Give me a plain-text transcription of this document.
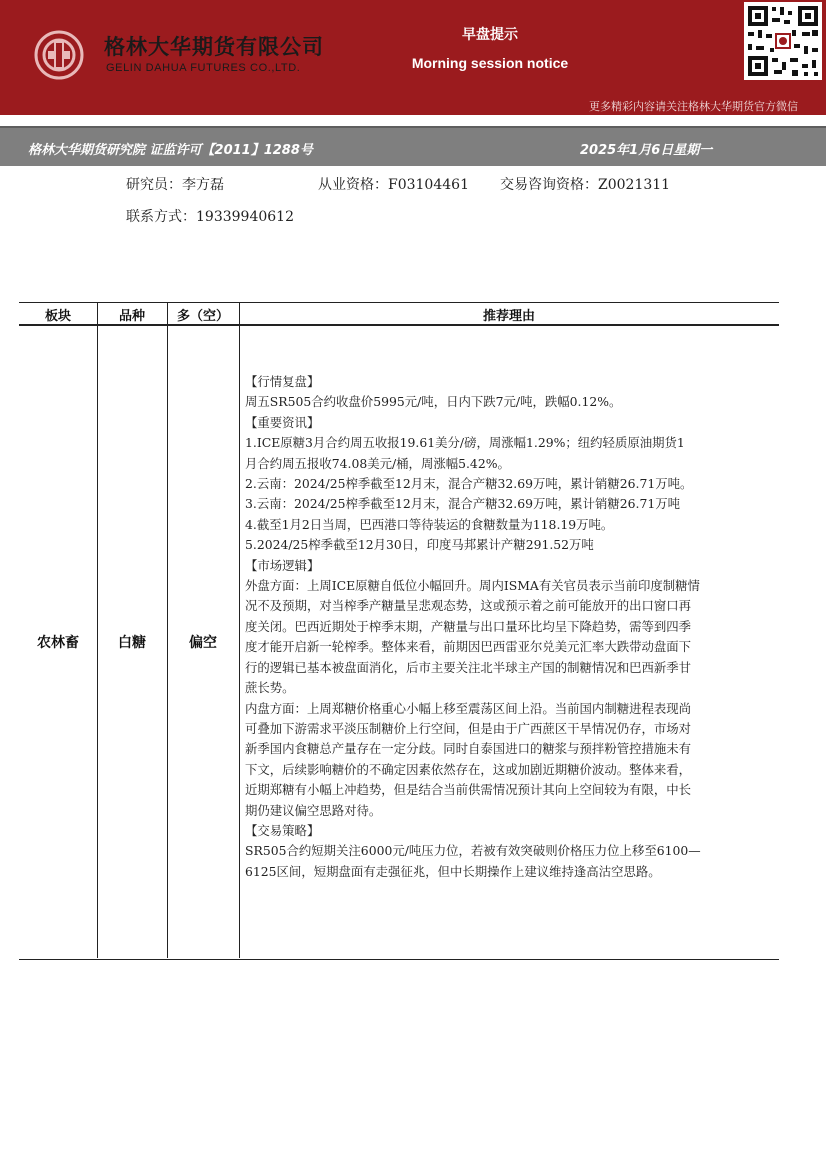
格林大华期货有限公司
GELIN DAHUA FUTURES CO.,LTD.
早盘提示
Morning session notice
更多精彩内容请关注格林大华期货官方微信
格林大华期货研究院 证监许可【2011】1288号	2025年1月6日星期一
研究员：李方磊	从业资格：F03104461 交易咨询资格：Z0021311
联系方式：19339940612
板块	品种	多（空）	推荐理由
农林畜	白糖	偏空

【行情复盘】

周五SR505合约收盘价5995元/吨，日内下跌7元/吨，跌幅0.12%。

【重要资讯】

1.ICE原糖3月合约周五收报19.61美分/磅，周涨幅1.29%；纽约轻质原油期货1

月合约周五报收74.08美元/桶，周涨幅5.42%。

2.云南：2024/25榨季截至12月末，混合产糖32.69万吨，累计销糖26.71万吨。

3.云南：2024/25榨季截至12月末，混合产糖32.69万吨，累计销糖26.71万吨

4.截至1月2日当周，巴西港口等待装运的食糖数量为118.19万吨。

5.2024/25榨季截至12月30日，印度马邦累计产糖291.52万吨

【市场逻辑】

外盘方面：上周ICE原糖自低位小幅回升。周内ISMA有关官员表示当前印度制糖情

况不及预期，对当榨季产糖量呈悲观态势，这或预示着之前可能放开的出口窗口再

度关闭。巴西近期处于榨季末期，产糖量与出口量环比均呈下降趋势，需等到四季

度才能开启新一轮榨季。整体来看，前期因巴西雷亚尔兑美元汇率大跌带动盘面下

行的逻辑已基本被盘面消化，后市主要关注北半球主产国的制糖情况和巴西新季甘

蔗长势。

内盘方面：上周郑糖价格重心小幅上移至震荡区间上沿。当前国内制糖进程表现尚

可叠加下游需求平淡压制糖价上行空间，但是由于广西蔗区干旱情况仍存，市场对

新季国内食糖总产量存在一定分歧。同时自泰国进口的糖浆与预拌粉管控措施未有

下文，后续影响糖价的不确定因素依然存在，这或加剧近期糖价波动。整体来看，

近期郑糖有小幅上冲趋势，但是结合当前供需情况预计其向上空间较为有限，中长

期仍建议偏空思路对待。

【交易策略】

SR505合约短期关注6000元/吨压力位，若被有效突破则价格压力位上移至6100—

6125区间，短期盘面有走强征兆，但中长期操作上建议维持逢高沽空思路。
